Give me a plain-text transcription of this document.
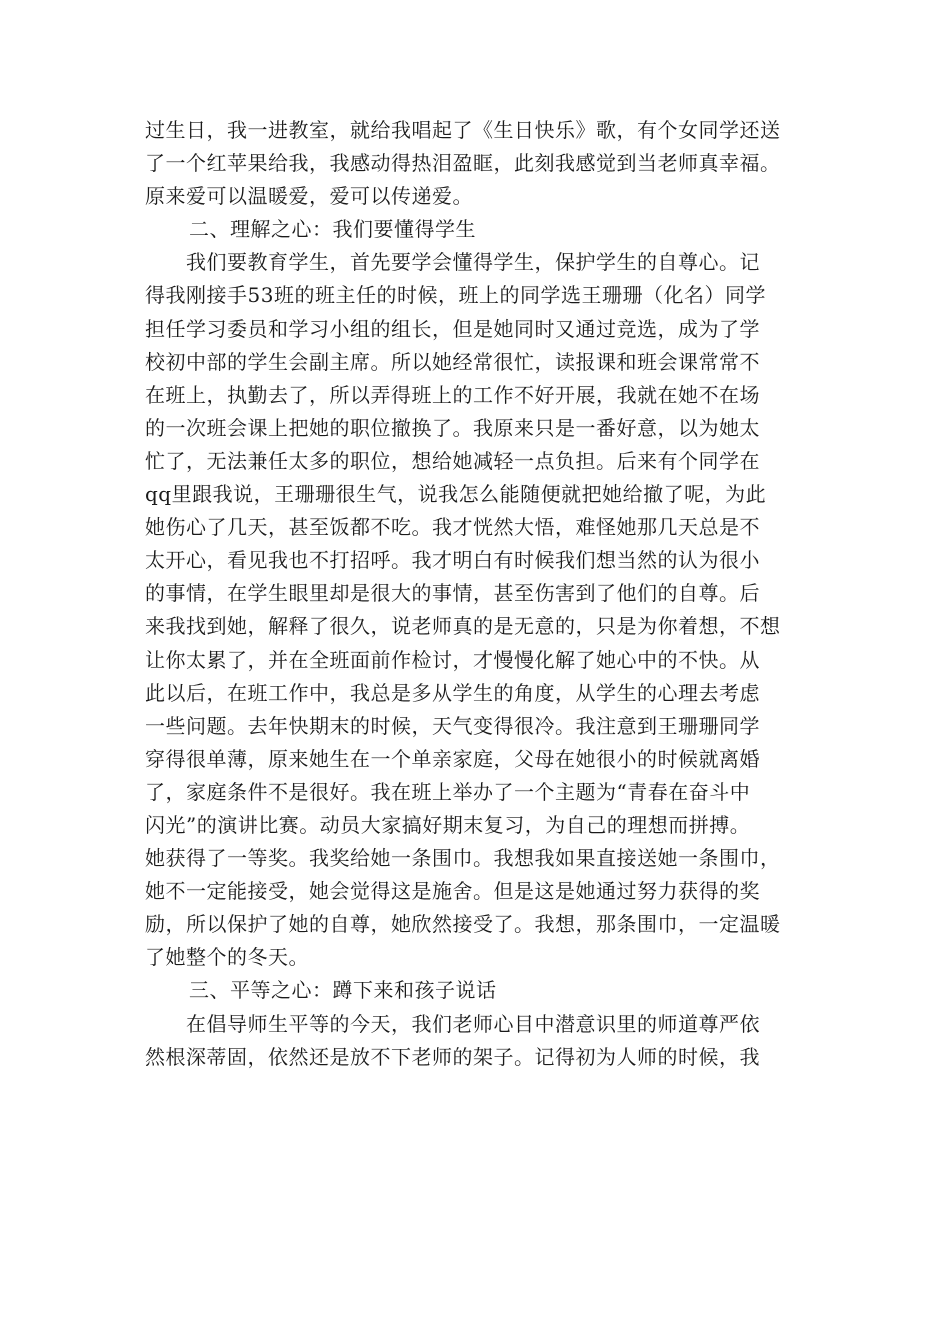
过生日，我一进教室，就给我唱起了《生日快乐》歌，有个女同学还送
了一个红苹果给我，我感动得热泪盈眶，此刻我感觉到当老师真幸福。
原来爱可以温暖爱，爱可以传递爱。
二、理解之心：我们要懂得学生
　　我们要教育学生，首先要学会懂得学生，保护学生的自尊心。记
得我刚接手53班的班主任的时候，班上的同学选王珊珊（化名）同学
担任学习委员和学习小组的组长，但是她同时又通过竞选，成为了学
校初中部的学生会副主席。所以她经常很忙，读报课和班会课常常不
在班上，执勤去了，所以弄得班上的工作不好开展，我就在她不在场
的一次班会课上把她的职位撤换了。我原来只是一番好意，以为她太
忙了，无法兼任太多的职位，想给她减轻一点负担。后来有个同学在
qq里跟我说，王珊珊很生气，说我怎么能随便就把她给撤了呢，为此
她伤心了几天，甚至饭都不吃。我才恍然大悟，难怪她那几天总是不
太开心，看见我也不打招呼。我才明白有时候我们想当然的认为很小
的事情，在学生眼里却是很大的事情，甚至伤害到了他们的自尊。后
来我找到她，解释了很久，说老师真的是无意的，只是为你着想，不想
让你太累了，并在全班面前作检讨，才慢慢化解了她心中的不快。从
此以后，在班工作中，我总是多从学生的角度，从学生的心理去考虑
一些问题。去年快期末的时候，天气变得很冷。我注意到王珊珊同学
穿得很单薄，原来她生在一个单亲家庭，父母在她很小的时候就离婚
了，家庭条件不是很好。我在班上举办了一个主题为“青春在奋斗中
闪光”的演讲比赛。动员大家搞好期末复习，为自己的理想而拼搏。
她获得了一等奖。我奖给她一条围巾。我想我如果直接送她一条围巾，
她不一定能接受，她会觉得这是施舍。但是这是她通过努力获得的奖
励，所以保护了她的自尊，她欣然接受了。我想，那条围巾，一定温暖
了她整个的冬天。
三、平等之心：蹲下来和孩子说话
　　在倡导师生平等的今天，我们老师心目中潜意识里的师道尊严依
然根深蒂固，依然还是放不下老师的架子。记得初为人师的时候，我
